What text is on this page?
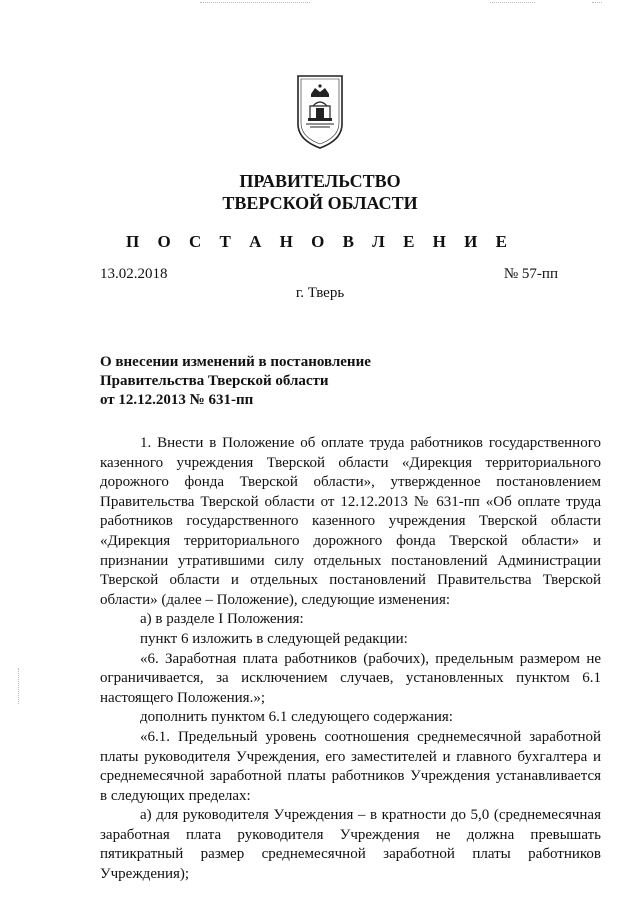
ПРАВИТЕЛЬСТВО
ТВЕРСКОЙ ОБЛАСТИ
П О С Т А Н О В Л Е Н И Е
13.02.2018	№ 57-пп
г. Тверь
О внесении изменений в постановление
Правительства Тверской области
от 12.12.2013 № 631-пп

1. Внести в Положение об оплате труда работников государственного казенного учреждения Тверской области «Дирекция территориального дорожного фонда Тверской области», утвержденное постановлением Правительства Тверской области от 12.12.2013 № 631-пп «Об оплате труда работников государственного казенного учреждения Тверской области «Дирекция территориального дорожного фонда Тверской области» и признании утратившими силу отдельных постановлений Администрации Тверской области и отдельных постановлений Правительства Тверской области» (далее – Положение), следующие изменения:

а) в разделе I Положения:

пункт 6 изложить в следующей редакции:

«6. Заработная плата работников (рабочих), предельным размером не ограничивается, за исключением случаев, установленных пунктом 6.1 настоящего Положения.»;

дополнить пунктом 6.1 следующего содержания:

«6.1. Предельный уровень соотношения среднемесячной заработной платы руководителя Учреждения, его заместителей и главного бухгалтера и среднемесячной заработной платы работников Учреждения устанавливается в следующих пределах:

а) для руководителя Учреждения – в кратности до 5,0 (среднемесячная заработная плата руководителя Учреждения не должна превышать пятикратный размер среднемесячной заработной платы работников Учреждения);
